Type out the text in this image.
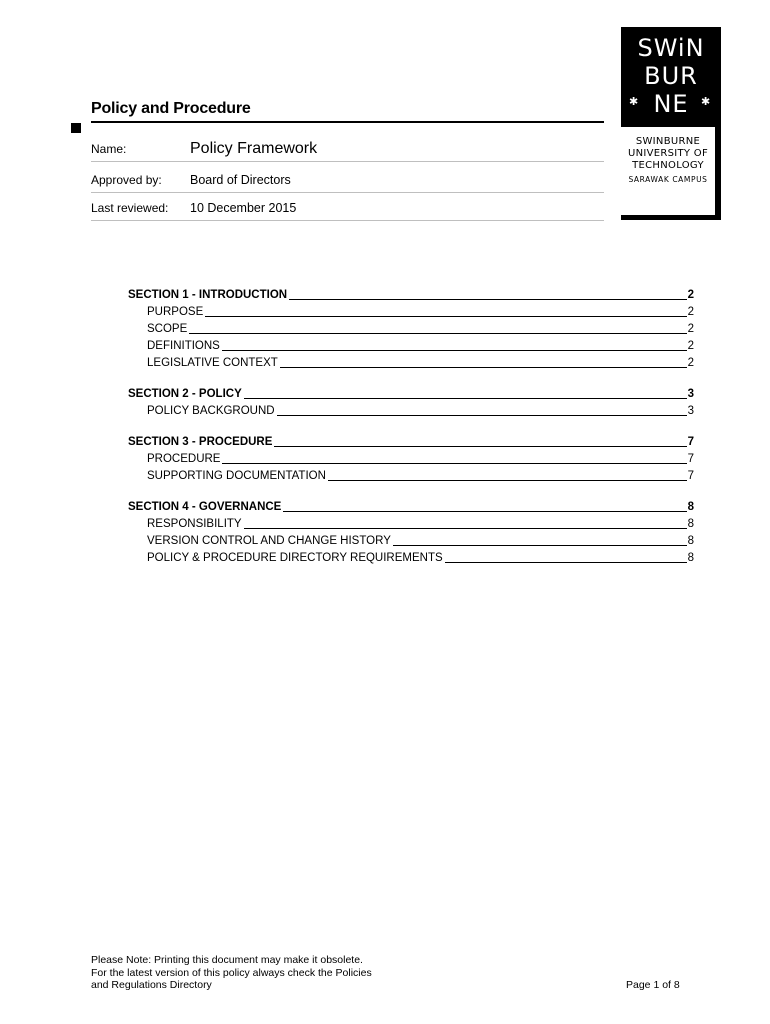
Policy and Procedure
Name:	Policy Framework
Approved by: Board of Directors
Last reviewed: 10 December 2015
SWiN
BUR
NE
✱	✱
SWINBURNE
UNIVERSITY OF
TECHNOLOGY
SARAWAK CAMPUS
SECTION 1 - INTRODUCTION	2
PURPOSE	2
SCOPE	2
DEFINITIONS	2
LEGISLATIVE CONTEXT	2
SECTION 2 - POLICY	3
POLICY BACKGROUND	3
SECTION 3 - PROCEDURE	7
PROCEDURE	7
SUPPORTING DOCUMENTATION	7
SECTION 4 - GOVERNANCE	8
RESPONSIBILITY	8
VERSION CONTROL AND CHANGE HISTORY	8
POLICY & PROCEDURE DIRECTORY REQUIREMENTS	8
Please Note: Printing this document may make it obsolete.
For the latest version of this policy always check the Policies
and Regulations Directory	Page 1 of 8
